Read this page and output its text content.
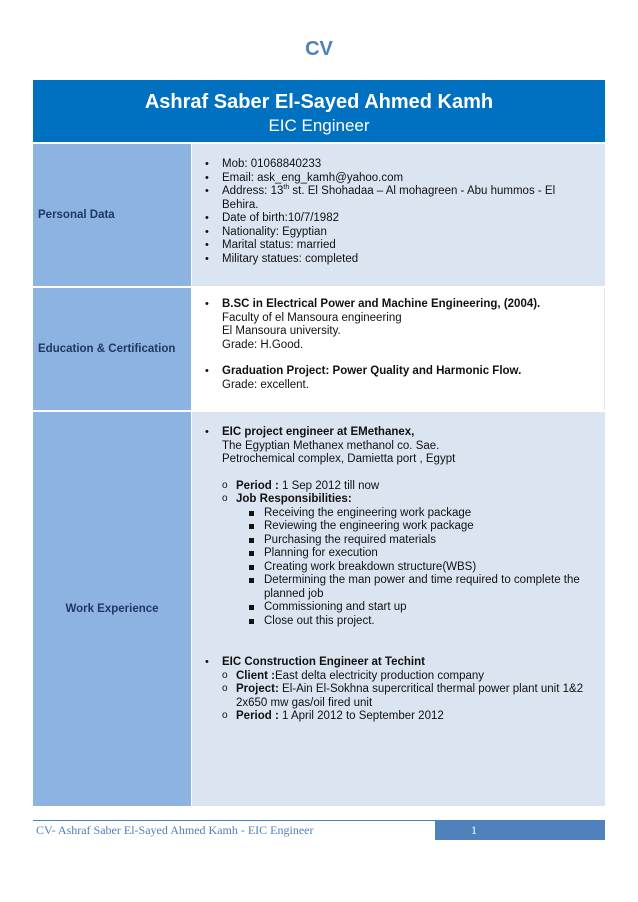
CV
Ashraf Saber El-Sayed Ahmed Kamh
EIC Engineer
Personal Data
• Mob: 01068840233
• Email: ask_eng_kamh@yahoo.com
• Address: 13th st. El Shohadaa – Al mohagreen - Abu hummos - El
Behira.
• Date of birth:10/7/1982
• Nationality: Egyptian
• Marital status: married
• Military statues: completed
Education & Certification
• B.SC in Electrical Power and Machine Engineering, (2004).
Faculty of el Mansoura engineering
El Mansoura university.
Grade: H.Good.
• Graduation Project: Power Quality and Harmonic Flow.
Grade: excellent.
Work Experience
• EIC project engineer at EMethanex,
The Egyptian Methanex methanol co. Sae.
Petrochemical complex, Damietta port , Egypt
o Period : 1 Sep 2012 till now
o Job Responsibilities:
Receiving the engineering work package
Reviewing the engineering work package
Purchasing the required materials
Planning for execution
Creating work breakdown structure(WBS)
Determining the man power and time required to complete the
planned job
Commissioning and start up
Close out this project.
• EIC Construction Engineer at Techint
o Client :East delta electricity production company
o Project: El-Ain El-Sokhna supercritical thermal power plant unit 1&2
2x650 mw gas/oil fired unit
o Period : 1 April 2012 to September 2012
CV- Ashraf Saber El-Sayed Ahmed Kamh - EIC Engineer	1
